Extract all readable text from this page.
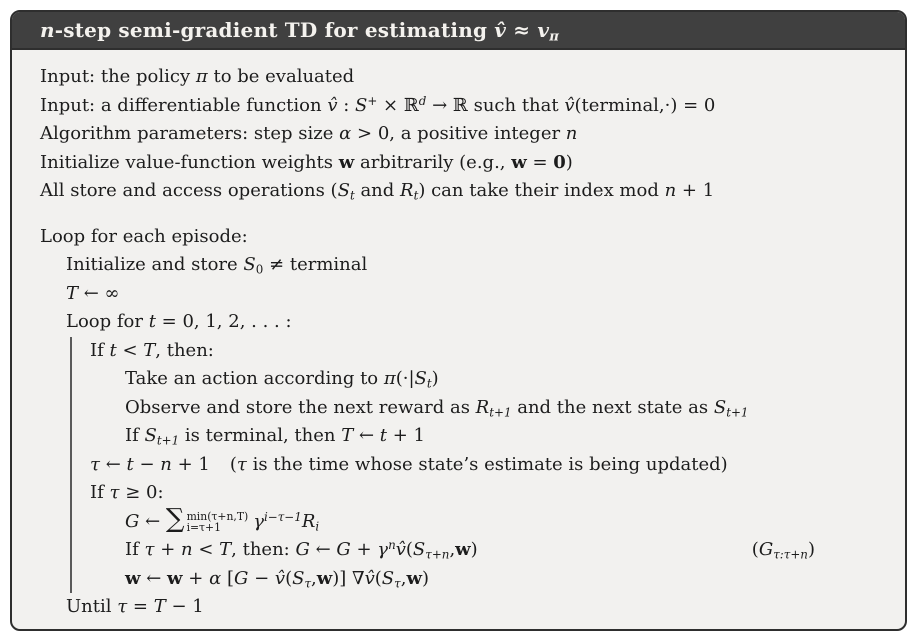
n-step semi-gradient TD for estimating v̂ ≈ vπ
Input: the policy π to be evaluated
Input: a differentiable function v̂ : S+ × ℝ$^d$ → ℝ such that v̂(terminal,·) = 0
Algorithm parameters: step size α > 0, a positive integer n
Initialize value-function weights w arbitrarily (e.g., w = 0)
All store and access operations (St and Rt) can take their index mod n + 1
Loop for each episode:
Initialize and store $S_0$ ≠ terminal
T ← ∞
Loop for t = 0, 1, 2, . . . :
If t < T, then:
Take an action according to π(·|St)
Observe and store the next reward as Rt+1 and the next state as St+1
If St+1 is terminal, then T ← t + 1
τ ← t − n + 1 (τ is the time whose state’s estimate is being updated)
If τ ≥ 0:
G ← ∑ min(τ+n,T)
i=τ+1	$\gamma^{i-\tau-1}Ri$
If τ + n < T, then: G ← $G + \gamma^nv̂(S\tau+n,w)$	(Gτ:τ+n)
w ← w + α [G − v̂(Sτ,w)] ∇v̂(Sτ,w)
Until τ = T − 1
